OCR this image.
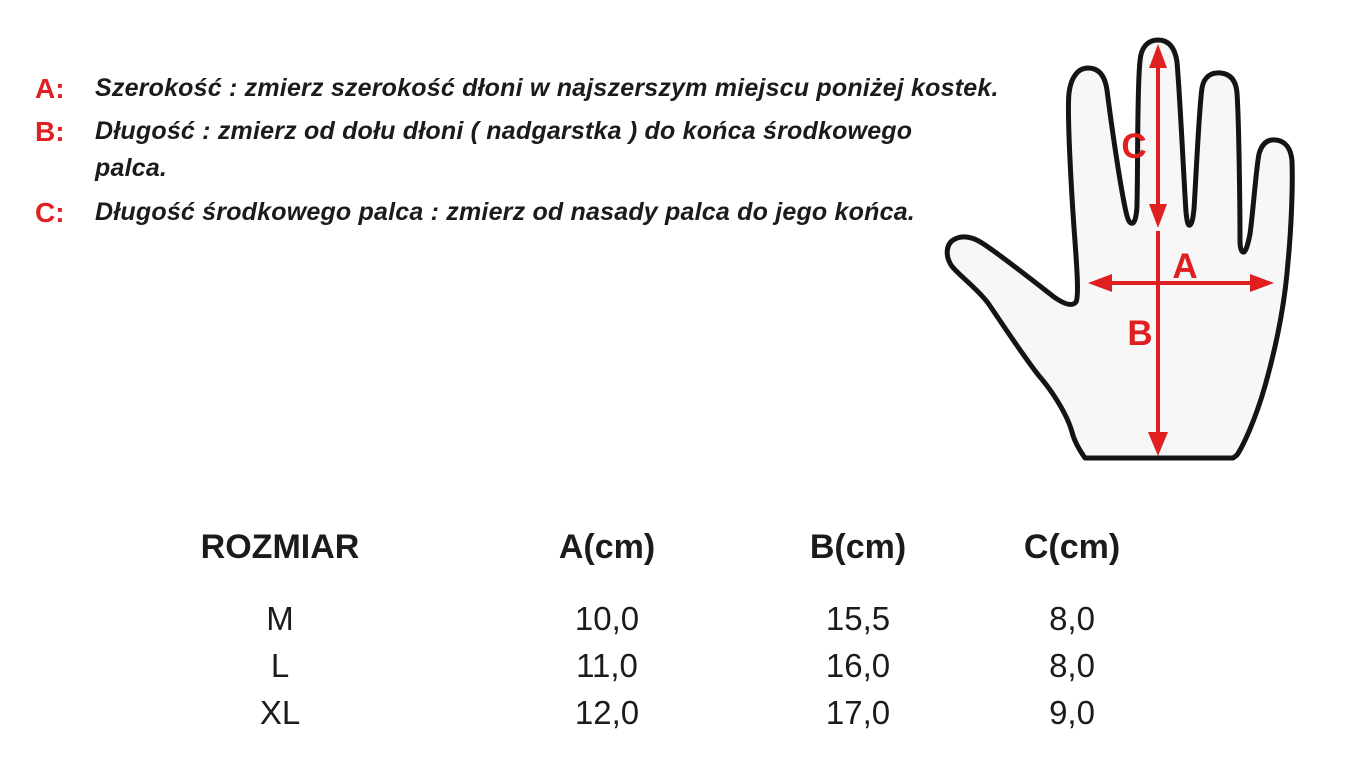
A:	Szerokość : zmierz szerokość dłoni w najszerszym miejscu poniżej kostek.
B:	Długość : zmierz od dołu dłoni ( nadgarstka ) do końca środkowego
palca.
C:	Długość środkowego palca : zmierz od nasady palca do jego końca.
C
A
B
ROZMIAR	A(cm)	B(cm)	C(cm)
M	10,0	15,5	8,0
L	11,0	16,0	8,0
XL	12,0	17,0	9,0
